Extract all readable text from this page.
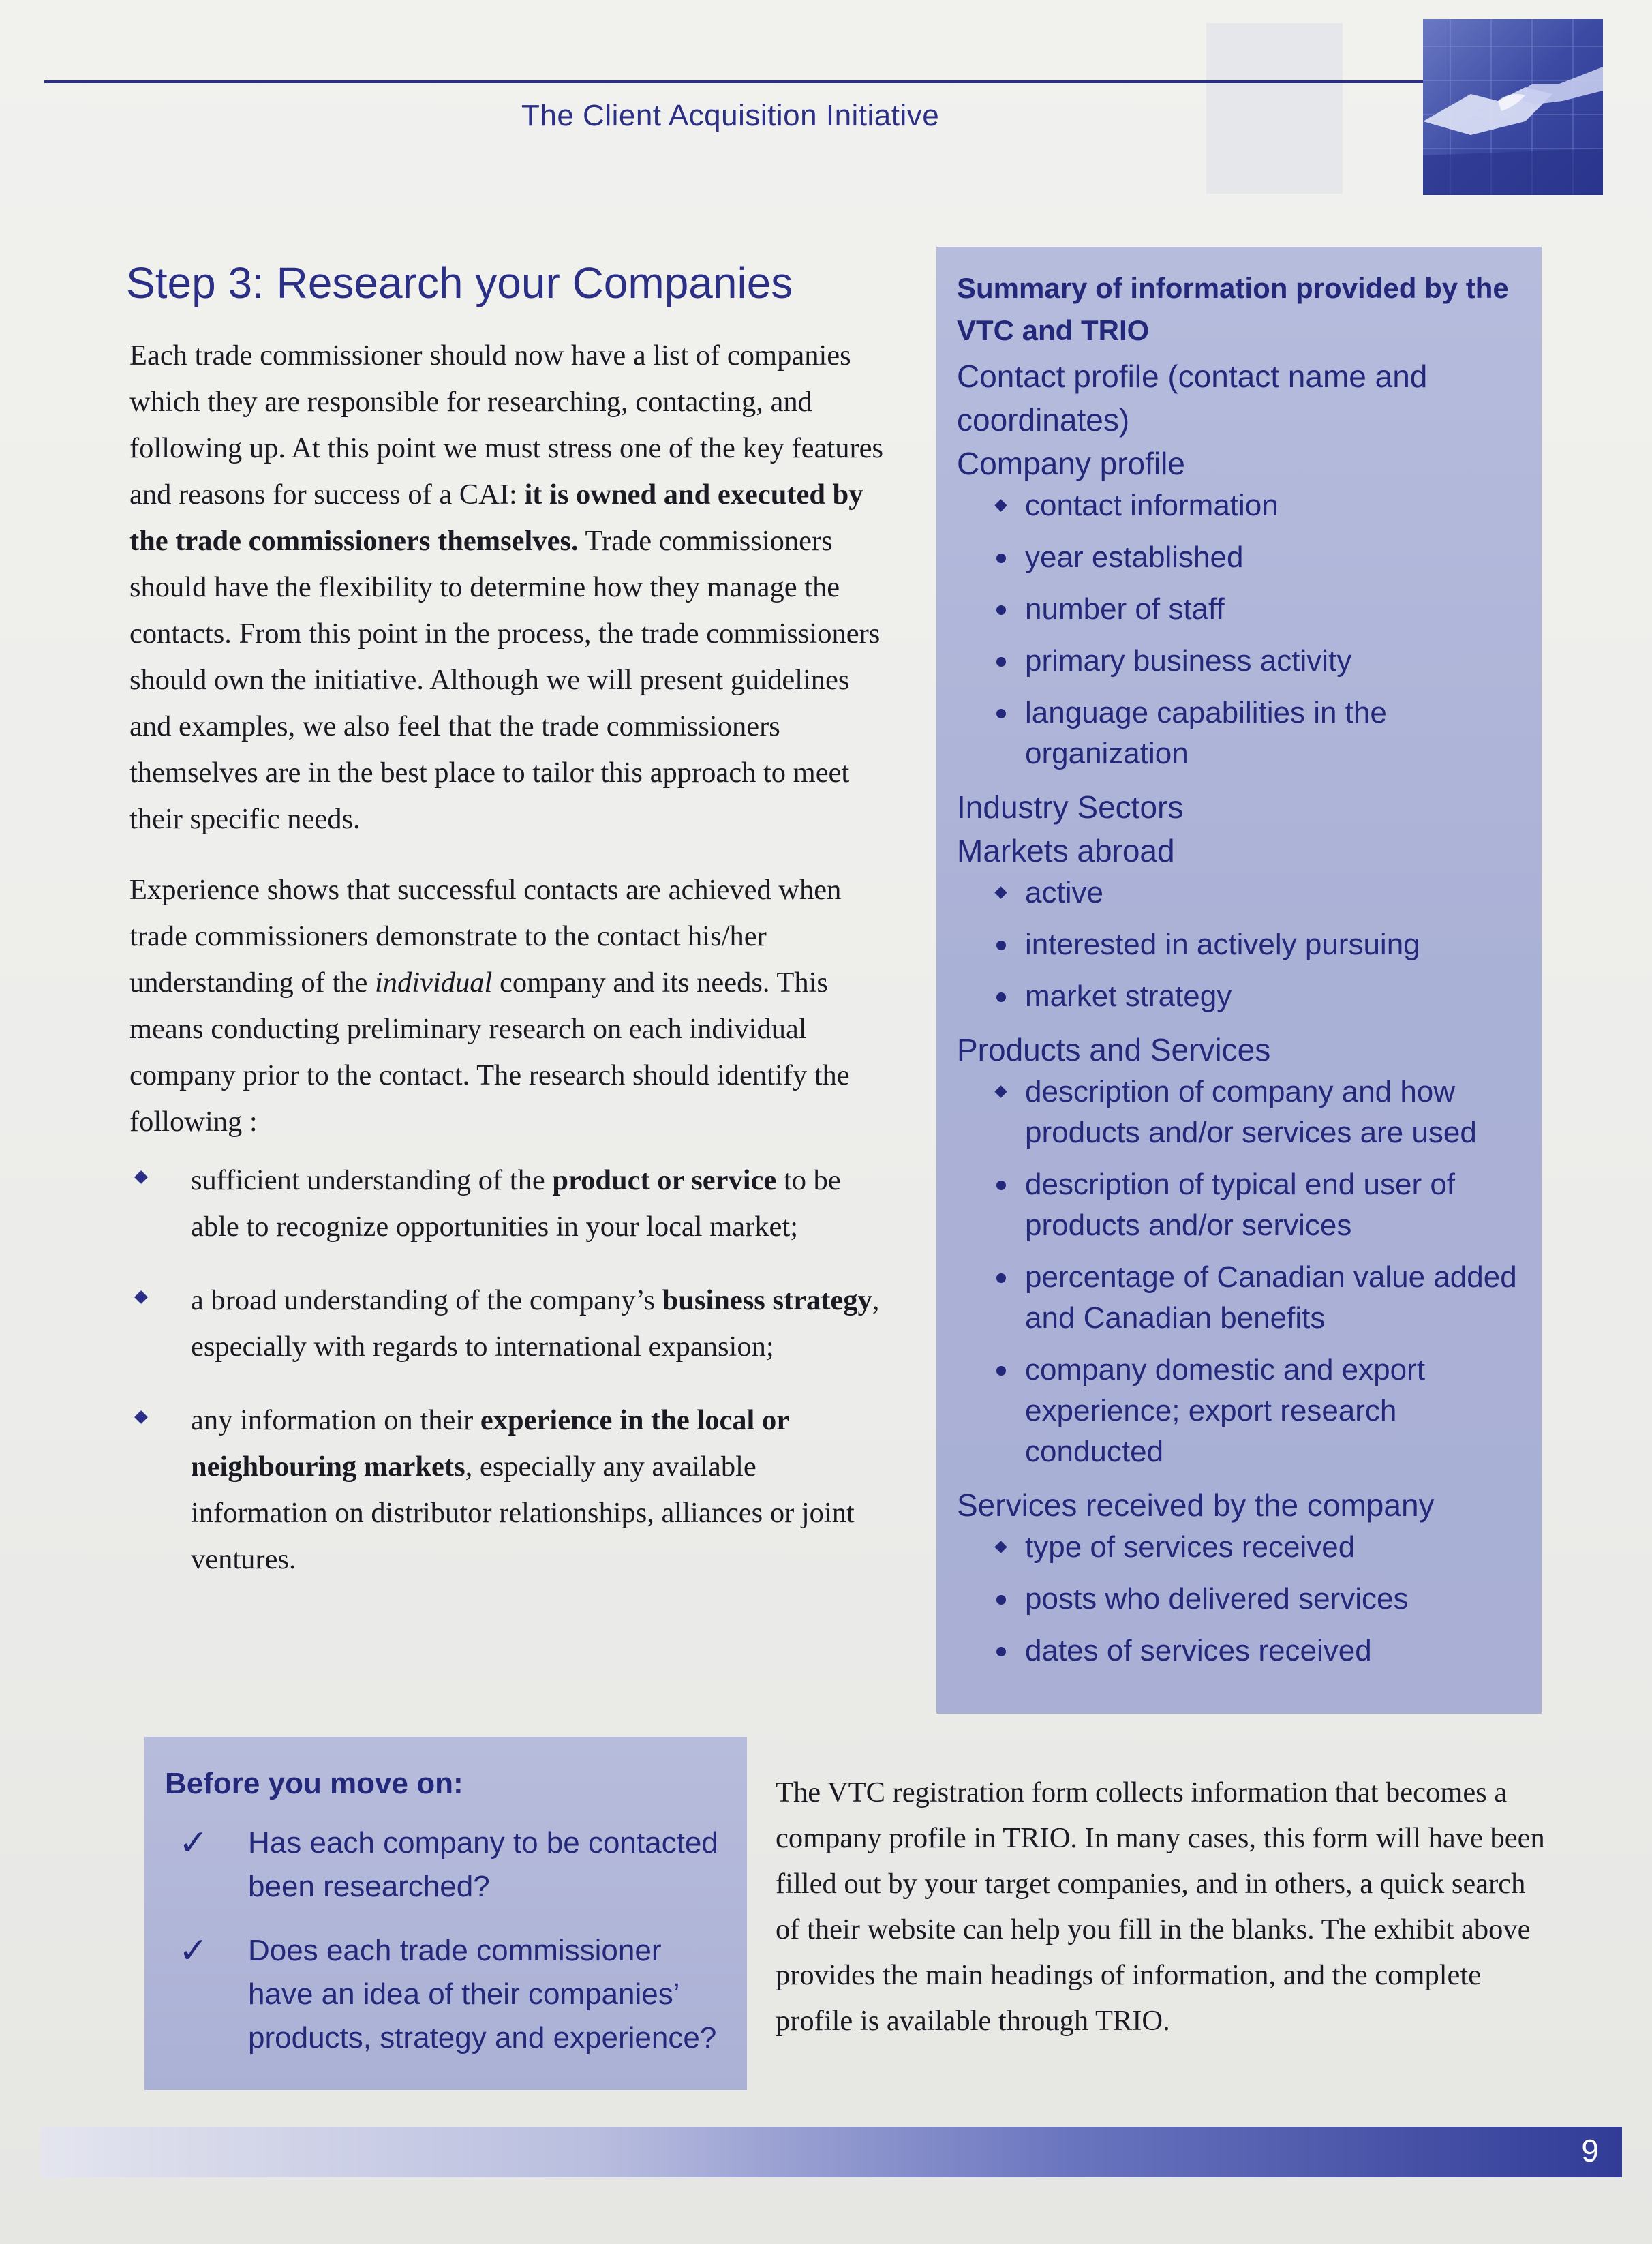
The Client Acquisition Initiative
Step 3: Research your Companies

Each trade commissioner should now have a list of companies which they are responsible for researching, contacting, and following up. At this point we must stress one of the key features and reasons for success of a CAI: it is owned and executed by the trade commissioners themselves. Trade commissioners should have the flexibility to determine how they manage the contacts. From this point in the process, the trade commissioners should own the initiative. Although we will present guidelines and examples, we also feel that the trade commissioners themselves are in the best place to tailor this approach to meet their specific needs.

Experience shows that successful contacts are achieved when trade commissioners demonstrate to the contact his/her understanding of the individual company and its needs. This means conducting preliminary research on each individual company prior to the contact. The research should identify the following :

sufficient understanding of the product or service to be able to recognize opportunities in your local market;
a broad understanding of the company’s business strategy, especially with regards to international expansion;
any information on their experience in the local or neighbouring markets, especially any available information on distributor relationships, alliances or joint ventures.
Summary of information provided by the VTC and TRIO
Contact profile (contact name and coordinates)
Company profile
contact information
year established
number of staff
primary business activity
language capabilities in the organization
Industry Sectors
Markets abroad
active
interested in actively pursuing
market strategy
Products and Services
description of company and how products and/or services are used
description of typical end user of products and/or services
percentage of Canadian value added and Canadian benefits
company domestic and export experience; export research conducted
Services received by the company
type of services received
posts who delivered services
dates of services received
Before you move on:
✓ Has each company to be contacted been researched?
✓ Does each trade commissioner have an idea of their companies’ products, strategy and experience?

The VTC registration form collects information that becomes a company profile in TRIO. In many cases, this form will have been filled out by your target companies, and in others, a quick search of their website can help you fill in the blanks. The exhibit above provides the main headings of information, and the complete profile is available through TRIO.

9
